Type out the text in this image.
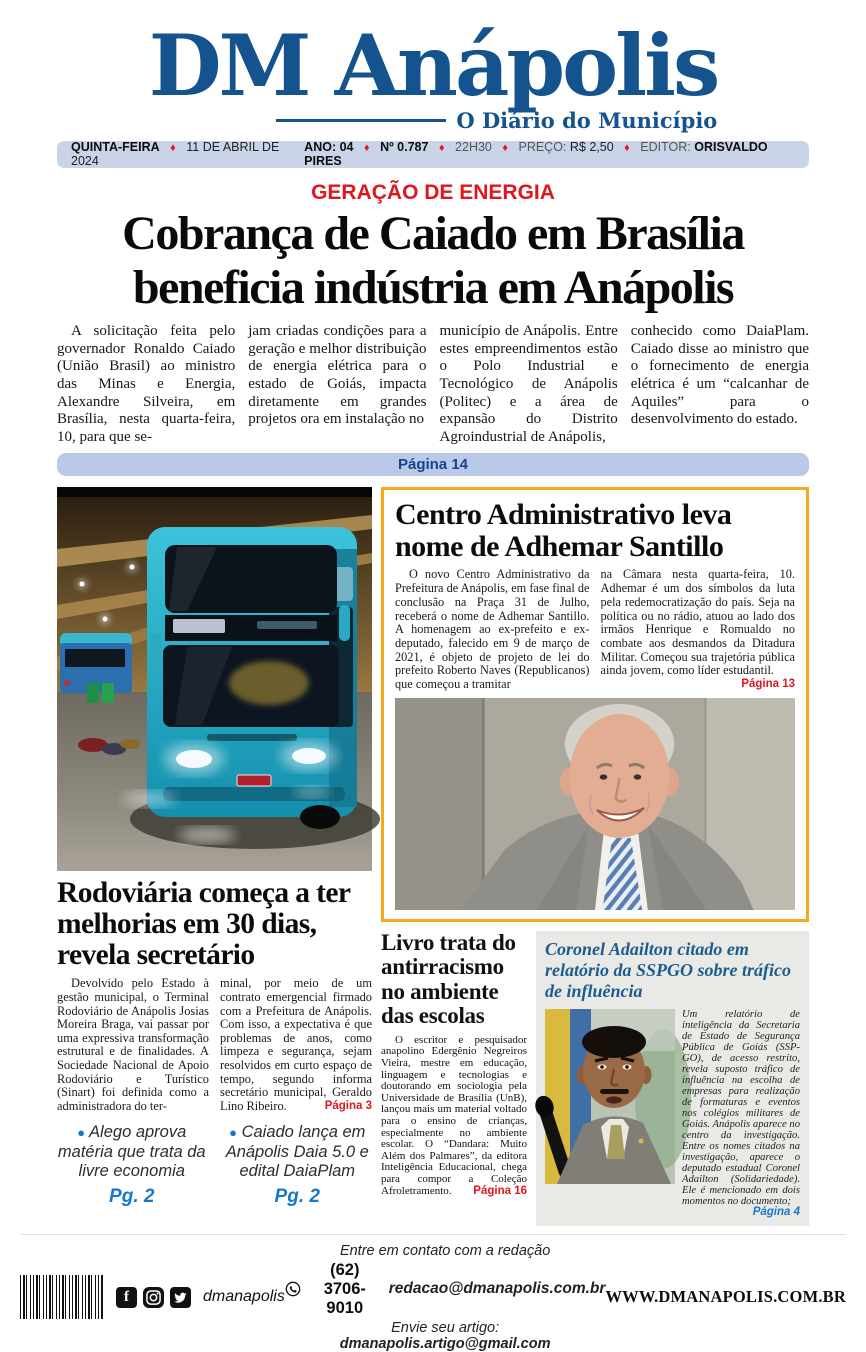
DM Anápolis
O Diário do Município
QUINTA-FEIRA ♦ 11 DE ABRIL DE 2024
ANO: 04 ♦ Nº 0.787 ♦ 22H30 ♦ PREÇO: R$ 2,50 ♦ EDITOR: ORISVALDO PIRES
GERAÇÃO DE ENERGIA
Cobrança de Caiado em Brasília beneficia indústria em Anápolis

A solicitação feita pelo governador Ronaldo Caiado (União Brasil) ao ministro das Minas e Energia, Alexandre Silveira, em Brasília, nesta quarta-feira, 10, para que se-

jam criadas condições para a geração e melhor distribuição de energia elétrica para o estado de Goiás, impacta diretamente em grandes projetos ora em instalação no

município de Anápolis. Entre estes empreendimentos estão o Polo Industrial e Tecnológico de Anápolis (Politec) e a área de expansão do Distrito Agroindustrial de Anápolis,

conhecido como DaiaPlam. Caiado disse ao ministro que o fornecimento de energia elétrica é um “calcanhar de Aquiles” para o desenvolvimento do estado.

Página 14
Rodoviária começa a ter melhorias em 30 dias, revela secretário

Devolvido pelo Estado à gestão municipal, o Terminal Rodoviário de Anápolis Josias Moreira Braga, vai passar por uma expressiva transformação estrutural e de finalidades. A Sociedade Nacional de Apoio Rodoviário e Turístico (Sinart) foi definida como a administradora do ter-

minal, por meio de um contrato emergencial firmado com a Prefeitura de Anápolis. Com isso, a expectativa é que problemas de anos, como limpeza e segurança, sejam resolvidos em curto espaço de tempo, segundo informa secretário municipal, Geraldo Lino Ribeiro.	Página 3

● Alego aprova matéria que trata da livre economia

Pg. 2

● Caiado lança em Anápolis Daia 5.0 e edital DaiaPlam

Pg. 2
Centro Administrativo leva nome de Adhemar Santillo

O novo Centro Administrativo da Prefeitura de Anápolis, em fase final de conclusão na Praça 31 de Julho, receberá o nome de Adhemar Santillo. A homenagem ao ex-prefeito e ex-deputado, falecido em 9 de março de 2021, é objeto de projeto de lei do prefeito Roberto Naves (Republicanos) que começou a tramitar

na Câmara nesta quarta-feira, 10. Adhemar é um dos símbolos da luta pela redemocratização do país. Seja na política ou no rádio, atuou ao lado dos irmãos Henrique e Romualdo no combate aos desmandos da Ditadura Militar. Começou sua trajetória pública ainda jovem, como líder estudantil.
Página 13

Livro trata do antirracismo no ambiente das escolas

O escritor e pesquisador anapolino Edergênio Negreiros Vieira, mestre em educação, linguagem e tecnologias e doutorando em sociologia pela Universidade de Brasília (UnB), lançou mais um material voltado para o ensino de crianças, especialmente no ambiente escolar. O “Dandara: Muito Além dos Palmares”, da editora Inteligência Educacional, chega para compor a Coleção Afroletramento.	Página 16

Coronel Adailton citado em relatório da SSPGO sobre tráfico de influência

Um relatório de inteligência da Secretaria de Estado de Segurança Pública de Goiás (SSP-GO), de acesso restrito, revela suposto tráfico de influência na escolha de empresas para realização de formaturas e eventos nos colégios militares de Goiás. Anápolis aparece no centro da investigação. Entre os nomes citados na investigação, aparece o deputado estadual Coronel Adailton (Solidariedade). Ele é mencionado em dois momentos no documento;
Página 4

f	dmanapolis
Entre em contato com a redação
(62) 3706-9010
redacao@dmanapolis.com.br
Envie seu artigo: dmanapolis.artigo@gmail.com
WWW.DMANAPOLIS.COM.BR
